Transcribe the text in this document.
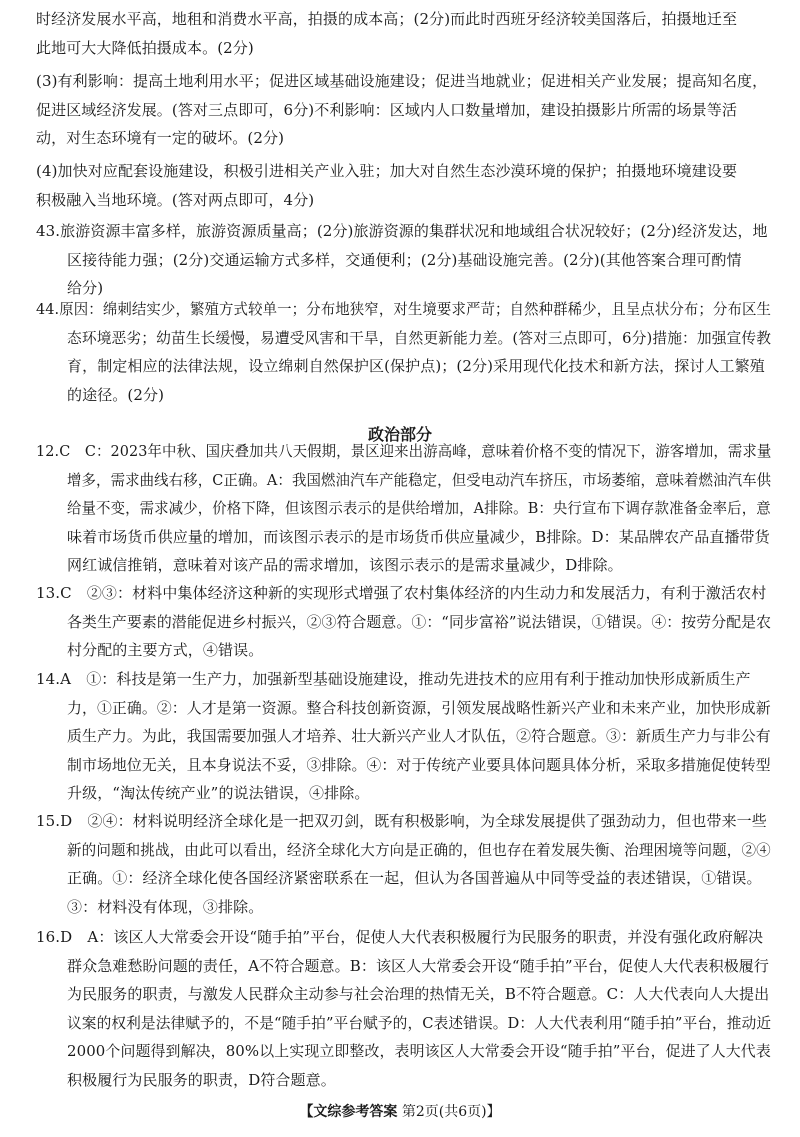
时经济发展水平高，地租和消费水平高，拍摄的成本高；(2分)而此时西班牙经济较美国落后，拍摄地迁至
此地可大大降低拍摄成本。(2分)
(3)有利影响：提高土地利用水平；促进区域基础设施建设；促进当地就业；促进相关产业发展；提高知名度，
促进区域经济发展。(答对三点即可，6分)不利影响：区域内人口数量增加，建设拍摄影片所需的场景等活
动，对生态环境有一定的破坏。(2分)
(4)加快对应配套设施建设，积极引进相关产业入驻；加大对自然生态沙漠环境的保护；拍摄地环境建设要
积极融入当地环境。(答对两点即可，4分)
43.旅游资源丰富多样，旅游资源质量高；(2分)旅游资源的集群状况和地域组合状况较好；(2分)经济发达，地
区接待能力强；(2分)交通运输方式多样，交通便利；(2分)基础设施完善。(2分)(其他答案合理可酌情
给分)
44.原因：绵刺结实少，繁殖方式较单一；分布地狭窄，对生境要求严苛；自然种群稀少，且呈点状分布；分布区生
态环境恶劣；幼苗生长缓慢，易遭受风害和干旱，自然更新能力差。(答对三点即可，6分)措施：加强宣传教
育，制定相应的法律法规，设立绵刺自然保护区(保护点)；(2分)采用现代化技术和新方法，探讨人工繁殖
的途径。(2分)
政治部分
12.C　C：2023年中秋、国庆叠加共八天假期，景区迎来出游高峰，意味着价格不变的情况下，游客增加，需求量
增多，需求曲线右移，C正确。A：我国燃油汽车产能稳定，但受电动汽车挤压，市场萎缩，意味着燃油汽车供
给量不变，需求减少，价格下降，但该图示表示的是供给增加，A排除。B：央行宣布下调存款准备金率后，意
味着市场货币供应量的增加，而该图示表示的是市场货币供应量减少，B排除。D：某品牌农产品直播带货
网红诚信推销，意味着对该产品的需求增加，该图示表示的是需求量减少，D排除。
13.C　②③：材料中集体经济这种新的实现形式增强了农村集体经济的内生动力和发展活力，有利于激活农村
各类生产要素的潜能促进乡村振兴，②③符合题意。①：“同步富裕”说法错误，①错误。④：按劳分配是农
村分配的主要方式，④错误。
14.A　①：科技是第一生产力，加强新型基础设施建设，推动先进技术的应用有利于推动加快形成新质生产
力，①正确。②：人才是第一资源。整合科技创新资源，引领发展战略性新兴产业和未来产业，加快形成新
质生产力。为此，我国需要加强人才培养、壮大新兴产业人才队伍，②符合题意。③：新质生产力与非公有
制市场地位无关，且本身说法不妥，③排除。④：对于传统产业要具体问题具体分析，采取多措施促使转型
升级，“淘汰传统产业”的说法错误，④排除。
15.D　②④：材料说明经济全球化是一把双刃剑，既有积极影响，为全球发展提供了强劲动力，但也带来一些
新的问题和挑战，由此可以看出，经济全球化大方向是正确的，但也存在着发展失衡、治理困境等问题，②④
正确。①：经济全球化使各国经济紧密联系在一起，但认为各国普遍从中同等受益的表述错误，①错误。
③：材料没有体现，③排除。
16.D　A：该区人大常委会开设“随手拍”平台，促使人大代表积极履行为民服务的职责，并没有强化政府解决
群众急难愁盼问题的责任，A不符合题意。B：该区人大常委会开设“随手拍”平台，促使人大代表积极履行
为民服务的职责，与激发人民群众主动参与社会治理的热情无关，B不符合题意。C：人大代表向人大提出
议案的权利是法律赋予的，不是“随手拍”平台赋予的，C表述错误。D：人大代表利用“随手拍”平台，推动近
2000个问题得到解决，80%以上实现立即整改，表明该区人大常委会开设“随手拍”平台，促进了人大代表
积极履行为民服务的职责，D符合题意。
【文综参考答案 第2页(共6页)】
